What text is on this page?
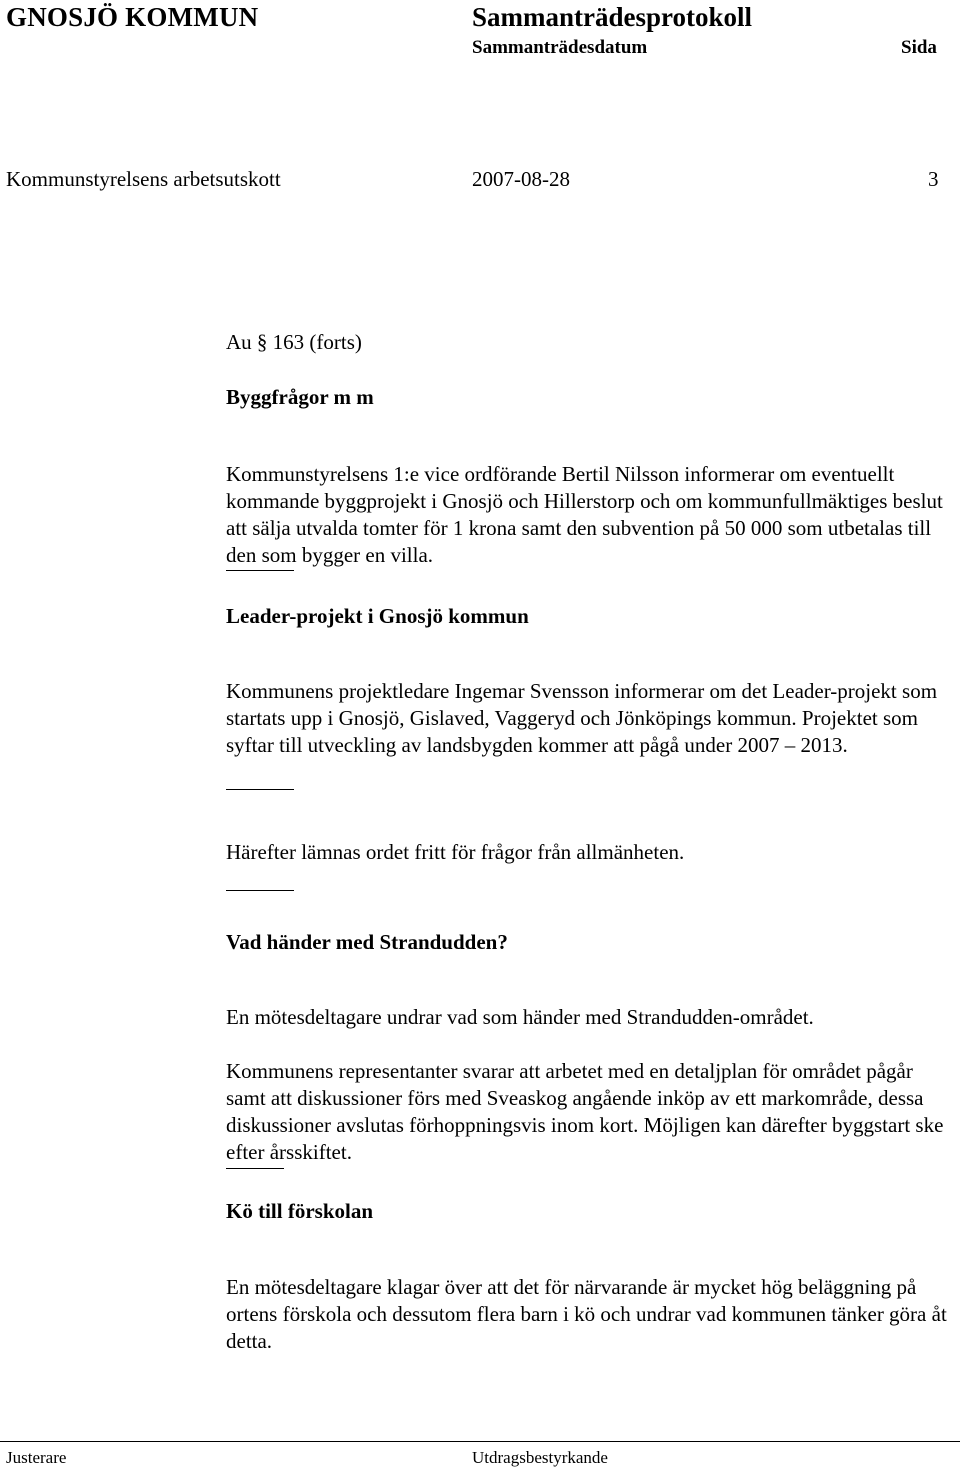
GNOSJÖ KOMMUN	Sammanträdesprotokoll
Sammanträdesdatum	Sida
Kommunstyrelsens arbetsutskott	2007-08-28	3
Au § 163 (forts)
Byggfrågor m m

Kommunstyrelsens 1:e vice ordförande Bertil Nilsson informerar om eventuellt kommande byggprojekt i Gnosjö och Hillerstorp och om kommunfullmäktiges beslut att sälja utvalda tomter för 1 krona samt den subvention på 50 000 som utbetalas till den som bygger en villa.

Leader-projekt i Gnosjö kommun

Kommunens projektledare Ingemar Svensson informerar om det Leader-projekt som startats upp i Gnosjö, Gislaved, Vaggeryd och Jönköpings kommun. Projektet som syftar till utveckling av landsbygden kommer att pågå under 2007 – 2013.

Härefter lämnas ordet fritt för frågor från allmänheten.

Vad händer med Strandudden?

En mötesdeltagare undrar vad som händer med Strandudden-området.

Kommunens representanter svarar att arbetet med en detaljplan för området pågår samt att diskussioner förs med Sveaskog angående inköp av ett markområde, dessa diskussioner avslutas förhoppningsvis inom kort. Möjligen kan därefter byggstart ske efter årsskiftet.

Kö till förskolan

En mötesdeltagare klagar över att det för närvarande är mycket hög beläggning på ortens förskola och dessutom flera barn i kö och undrar vad kommunen tänker göra åt detta.

Justerare	Utdragsbestyrkande
